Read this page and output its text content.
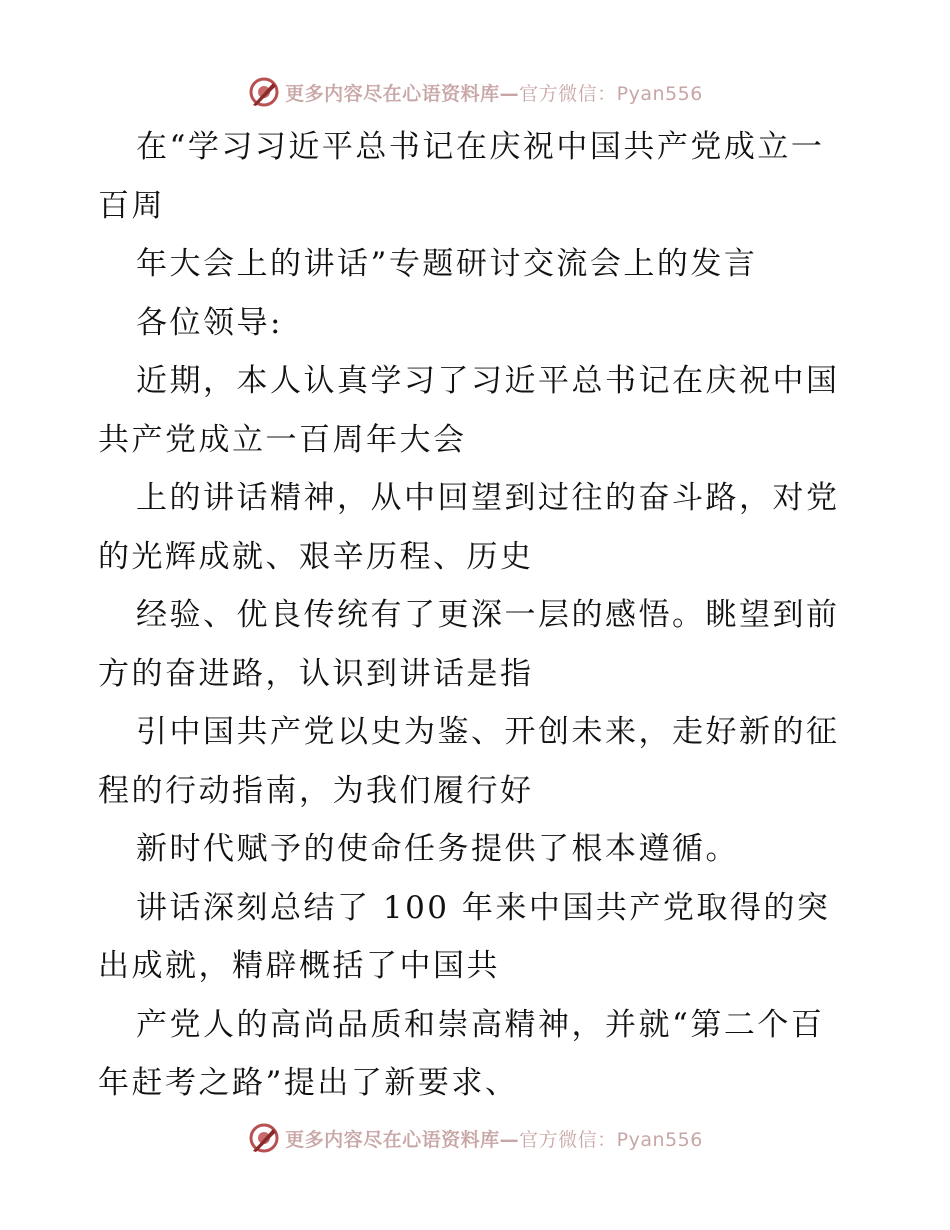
更多内容尽在心语资料库—官方微信：Pyan556
在“学习习近平总书记在庆祝中国共产党成立一
百周
年大会上的讲话”专题研讨交流会上的发言
各位领导:
近期，本人认真学习了习近平总书记在庆祝中国
共产党成立一百周年大会
上的讲话精神，从中回望到过往的奋斗路，对党
的光辉成就、艰辛历程、历史
经验、优良传统有了更深一层的感悟。眺望到前
方的奋进路，认识到讲话是指
引中国共产党以史为鉴、开创未来，走好新的征
程的行动指南，为我们履行好
新时代赋予的使命任务提供了根本遵循。
讲话深刻总结了 100 年来中国共产党取得的突
出成就，精辟概括了中国共
产党人的高尚品质和崇高精神，并就“第二个百
年赶考之路”提出了新要求、
更多内容尽在心语资料库—官方微信：Pyan556
